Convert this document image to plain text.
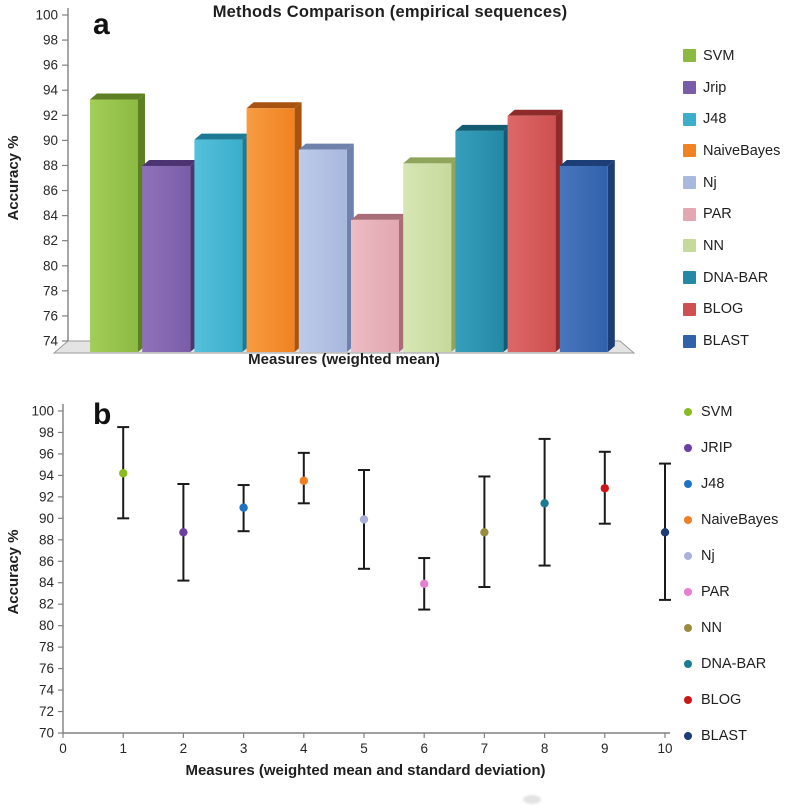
Methods Comparison (empirical sequences)
a
Accuracy %
74
76
78
80
82
84
86
88
90
92
94
96
98
100
Measures (weighted mean)
SVM
Jrip
J48
NaiveBayes
Nj
PAR
NN
DNA-BAR
BLOG
BLAST
b
Accuracy %
70
72
74
76
78
80
82
84
86
88
90
92
94
96
98
100
0	1	2	3	4	5	6	7	8	9	10
Measures (weighted mean and standard deviation)
SVM
JRIP
J48
NaiveBayes
Nj
PAR
NN
DNA-BAR
BLOG
BLAST
